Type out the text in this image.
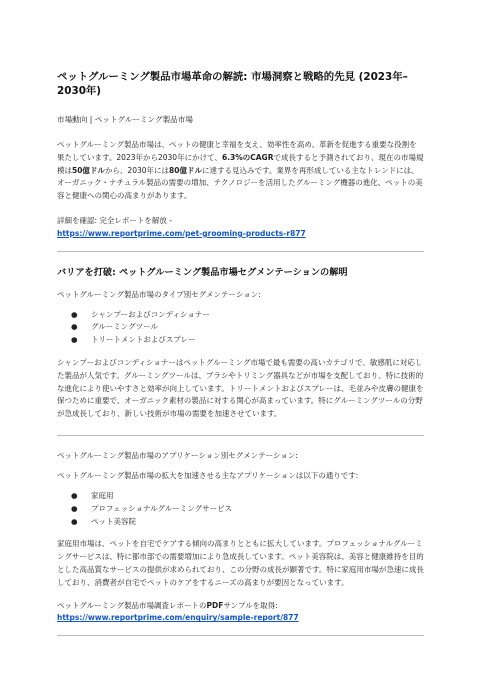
ペットグルーミング製品市場革命の解読: 市場洞察と戦略的先見 (2023年–2030年)
市場動向 | ペットグルーミング製品市場

ペットグルーミング製品市場は、ペットの健康と幸福を支え、効率性を高め、革新を促進する重要な役割を果たしています。2023年から2030年にかけて、6.3%のCAGRで成長すると予測されており、現在の市場規模は50億ドルから、2030年には80億ドルに達する見込みです。業界を再形成している主なトレンドには、オーガニック・ナチュラル製品の需要の増加、テクノロジーを活用したグルーミング機器の進化、ペットの美容と健康への関心の高まりがあります。

詳細を確認: 完全レポートを解放 -
https://www.reportprime.com/pet-grooming-products-r877
バリアを打破: ペットグルーミング製品市場セグメンテーションの解明
ペットグルーミング製品市場のタイプ別セグメンテーション:
● シャンプーおよびコンディショナー
● グルーミングツール
● トリートメントおよびスプレー

シャンプーおよびコンディショナーはペットグルーミング市場で最も需要の高いカテゴリで、敏感肌に対応した製品が人気です。グルーミングツールは、ブラシやトリミング器具などが市場を支配しており、特に技術的な進化により使いやすさと効率が向上しています。トリートメントおよびスプレーは、毛並みや皮膚の健康を保つために重要で、オーガニック素材の製品に対する関心が高まっています。特にグルーミングツールの分野が急成長しており、新しい技術が市場の需要を加速させています。

ペットグルーミング製品市場のアプリケーション別セグメンテーション:
ペットグルーミング製品市場の拡大を加速させる主なアプリケーションは以下の通りです:
● 家庭用
● プロフェッショナルグルーミングサービス
● ペット美容院

家庭用市場は、ペットを自宅でケアする傾向の高まりとともに拡大しています。プロフェッショナルグルーミングサービスは、特に都市部での需要増加により急成長しています。ペット美容院は、美容と健康維持を目的とした高品質なサービスの提供が求められており、この分野の成長が顕著です。特に家庭用市場が急速に成長しており、消費者が自宅でペットのケアをするニーズの高まりが要因となっています。

ペットグルーミング製品市場調査レポートのPDFサンプルを取得:
https://www.reportprime.com/enquiry/sample-report/877
